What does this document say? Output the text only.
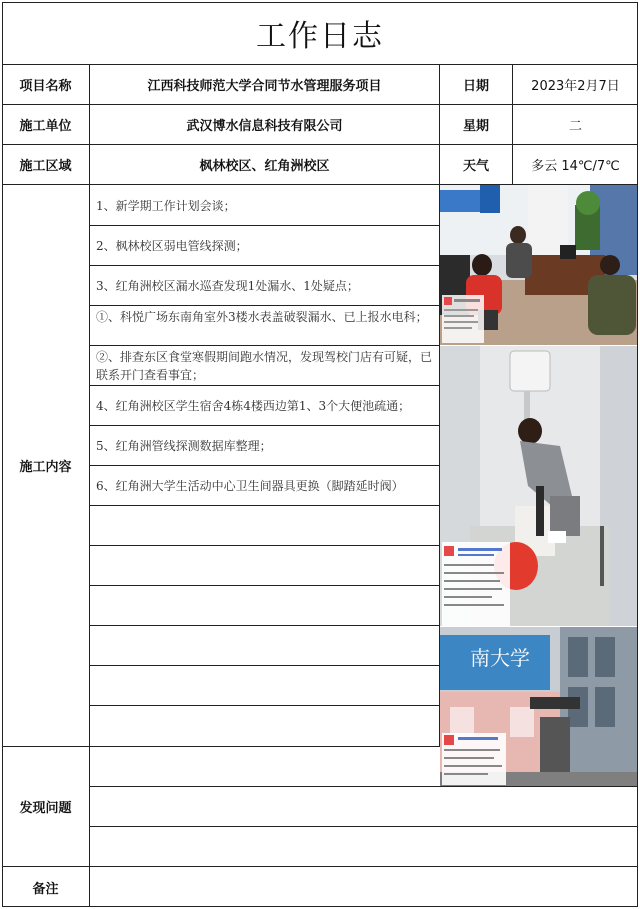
工作日志
项目名称	江西科技师范大学合同节水管理服务项目	日期	2023年2月7日
施工单位	武汉博水信息科技有限公司	星期	二
施工区域	枫林校区、红角洲校区	天气	多云 14℃/7℃
施工内容
1、新学期工作计划会谈；
2、枫林校区弱电管线探测；
3、红角洲校区漏水巡查发现1处漏水、1处疑点；
①、科悦广场东南角室外3楼水表盖破裂漏水、已上报水电科；
②、排查东区食堂寒假期间跑水情况，发现驾校门店有可疑，已联系开门查看事宜；
4、红角洲校区学生宿舍4栋4楼西边第1、3个大便池疏通；
5、红角洲管线探测数据库整理；
6、红角洲大学生活动中心卫生间器具更换（脚踏延时阀）
南大学
发现问题
备注
